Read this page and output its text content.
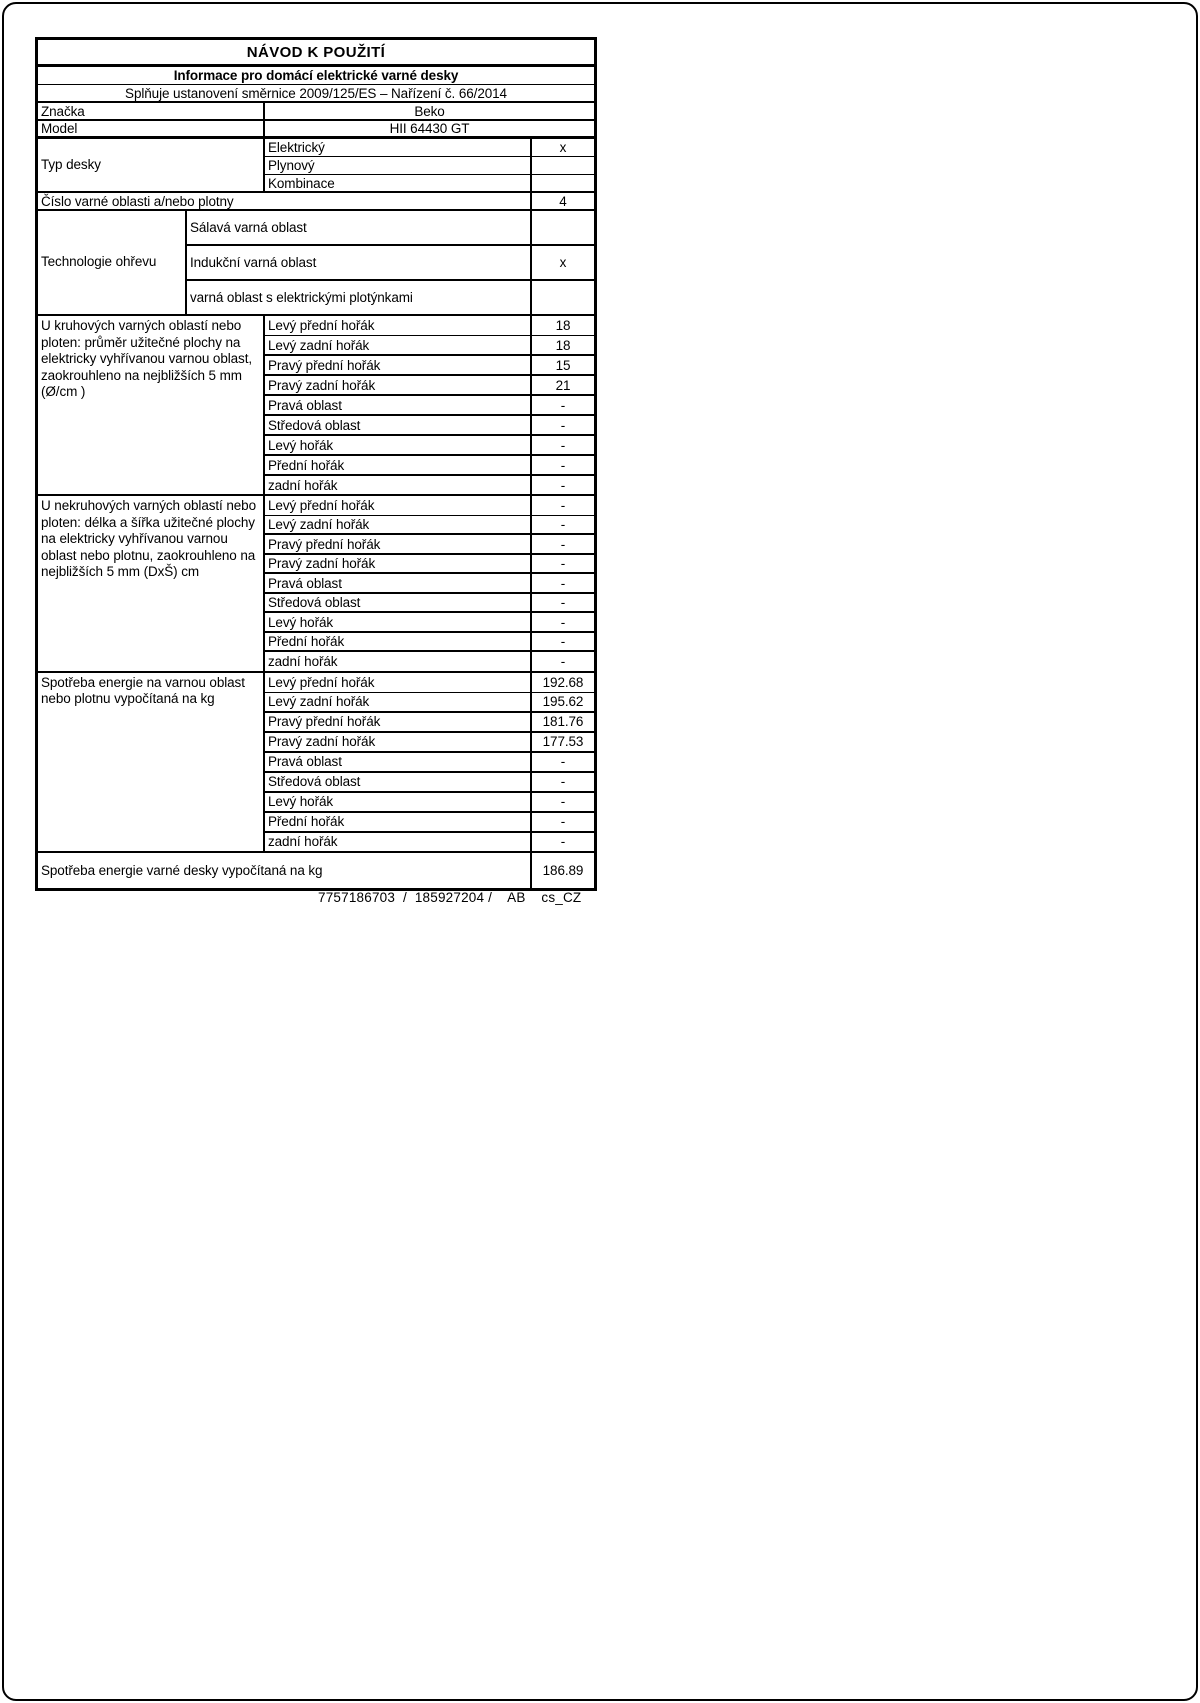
NÁVOD K POUŽITÍ
Informace pro domácí elektrické varné desky
Splňuje ustanovení směrnice 2009/125/ES – Nařízení č. 66/2014
Značka	Beko
Model	HII 64430 GT
Typ desky
Elektrický	x
Plynový
Kombinace
Číslo varné oblasti a/nebo plotny	4
Technologie ohřevu
Sálavá varná oblast
Indukční varná oblast	x
varná oblast s elektrickými plotýnkami
U kruhových varných oblastí nebo ploten: průměr užitečné plochy na elektricky vyhřívanou varnou oblast, zaokrouhleno na nejbližších 5 mm (Ø/cm )
Levý přední hořák	18
Levý zadní hořák	18
Pravý přední hořák	15
Pravý zadní hořák	21
Pravá oblast	-
Středová oblast	-
Levý hořák	-
Přední hořák	-
zadní hořák	-
U nekruhových varných oblastí nebo ploten: délka a šířka užitečné plochy na elektricky vyhřívanou varnou oblast nebo plotnu, zaokrouhleno na nejbližších 5 mm (DxŠ) cm
Levý přední hořák	-
Levý zadní hořák	-
Pravý přední hořák	-
Pravý zadní hořák	-
Pravá oblast	-
Středová oblast	-
Levý hořák	-
Přední hořák	-
zadní hořák	-
Spotřeba energie na varnou oblast nebo plotnu vypočítaná na kg
Levý přední hořák	192.68
Levý zadní hořák	195.62
Pravý přední hořák	181.76
Pravý zadní hořák	177.53
Pravá oblast	-
Středová oblast	-
Levý hořák	-
Přední hořák	-
zadní hořák	-
Spotřeba energie varné desky vypočítaná na kg	186.89
7757186703  /  185927204 /    AB    cs_CZ
